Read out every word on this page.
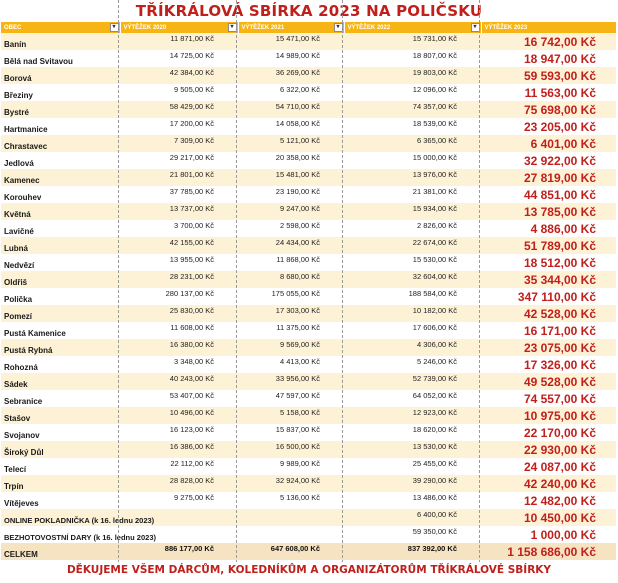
TŘÍKRÁLOVÁ SBÍRKA 2023 NA POLIČSKU
OBEC ▾	VÝTĚŽEK 2020 ▾	VÝTĚŽEK 2021 ▾	VÝTĚŽEK 2022 ▾	VÝTĚŽEK 2023
Banín	11 871,00 Kč	15 471,00 Kč	15 731,00 Kč	16 742,00 Kč
Bělá nad Svitavou	14 725,00 Kč	14 989,00 Kč	18 807,00 Kč	18 947,00 Kč
Borová	42 384,00 Kč	36 269,00 Kč	19 803,00 Kč	59 593,00 Kč
Březiny	9 505,00 Kč	6 322,00 Kč	12 096,00 Kč	11 563,00 Kč
Bystré	58 429,00 Kč	54 710,00 Kč	74 357,00 Kč	75 698,00 Kč
Hartmanice	17 200,00 Kč	14 058,00 Kč	18 539,00 Kč	23 205,00 Kč
Chrastavec	7 309,00 Kč	5 121,00 Kč	6 365,00 Kč	6 401,00 Kč
Jedlová	29 217,00 Kč	20 358,00 Kč	15 000,00 Kč	32 922,00 Kč
Kamenec	21 801,00 Kč	15 481,00 Kč	13 976,00 Kč	27 819,00 Kč
Korouhev	37 785,00 Kč	23 190,00 Kč	21 381,00 Kč	44 851,00 Kč
Květná	13 737,00 Kč	9 247,00 Kč	15 934,00 Kč	13 785,00 Kč
Lavičné	3 700,00 Kč	2 598,00 Kč	2 826,00 Kč	4 886,00 Kč
Lubná	42 155,00 Kč	24 434,00 Kč	22 674,00 Kč	51 789,00 Kč
Nedvězí	13 955,00 Kč	11 868,00 Kč	15 530,00 Kč	18 512,00 Kč
Oldřiš	28 231,00 Kč	8 680,00 Kč	32 604,00 Kč	35 344,00 Kč
Polička	280 137,00 Kč	175 055,00 Kč	188 584,00 Kč	347 110,00 Kč
Pomezí	25 830,00 Kč	17 303,00 Kč	10 182,00 Kč	42 528,00 Kč
Pustá Kamenice	11 608,00 Kč	11 375,00 Kč	17 606,00 Kč	16 171,00 Kč
Pustá Rybná	16 380,00 Kč	9 569,00 Kč	4 306,00 Kč	23 075,00 Kč
Rohozná	3 348,00 Kč	4 413,00 Kč	5 246,00 Kč	17 326,00 Kč
Sádek	40 243,00 Kč	33 956,00 Kč	52 739,00 Kč	49 528,00 Kč
Sebranice	53 407,00 Kč	47 597,00 Kč	64 052,00 Kč	74 557,00 Kč
Stašov	10 496,00 Kč	5 158,00 Kč	12 923,00 Kč	10 975,00 Kč
Svojanov	16 123,00 Kč	15 837,00 Kč	18 620,00 Kč	22 170,00 Kč
Široký Důl	16 386,00 Kč	16 500,00 Kč	13 530,00 Kč	22 930,00 Kč
Telecí	22 112,00 Kč	9 989,00 Kč	25 455,00 Kč	24 087,00 Kč
Trpín	28 828,00 Kč	32 924,00 Kč	39 290,00 Kč	42 240,00 Kč
Vítějeves	9 275,00 Kč	5 136,00 Kč	13 486,00 Kč	12 482,00 Kč
ONLINE POKLADNIČKA (k 16. lednu 2023)			6 400,00 Kč	10 450,00 Kč
BEZHOTOVOSTNÍ DARY (k 16. lednu 2023)			59 350,00 Kč	1 000,00 Kč
CELKEM	886 177,00 Kč	647 608,00 Kč	837 392,00 Kč	1 158 686,00 Kč
DĚKUJEME VŠEM DÁRCŮM, KOLEDNÍKŮM A ORGANIZÁTORŮM TŘÍKRÁLOVÉ SBÍRKY
